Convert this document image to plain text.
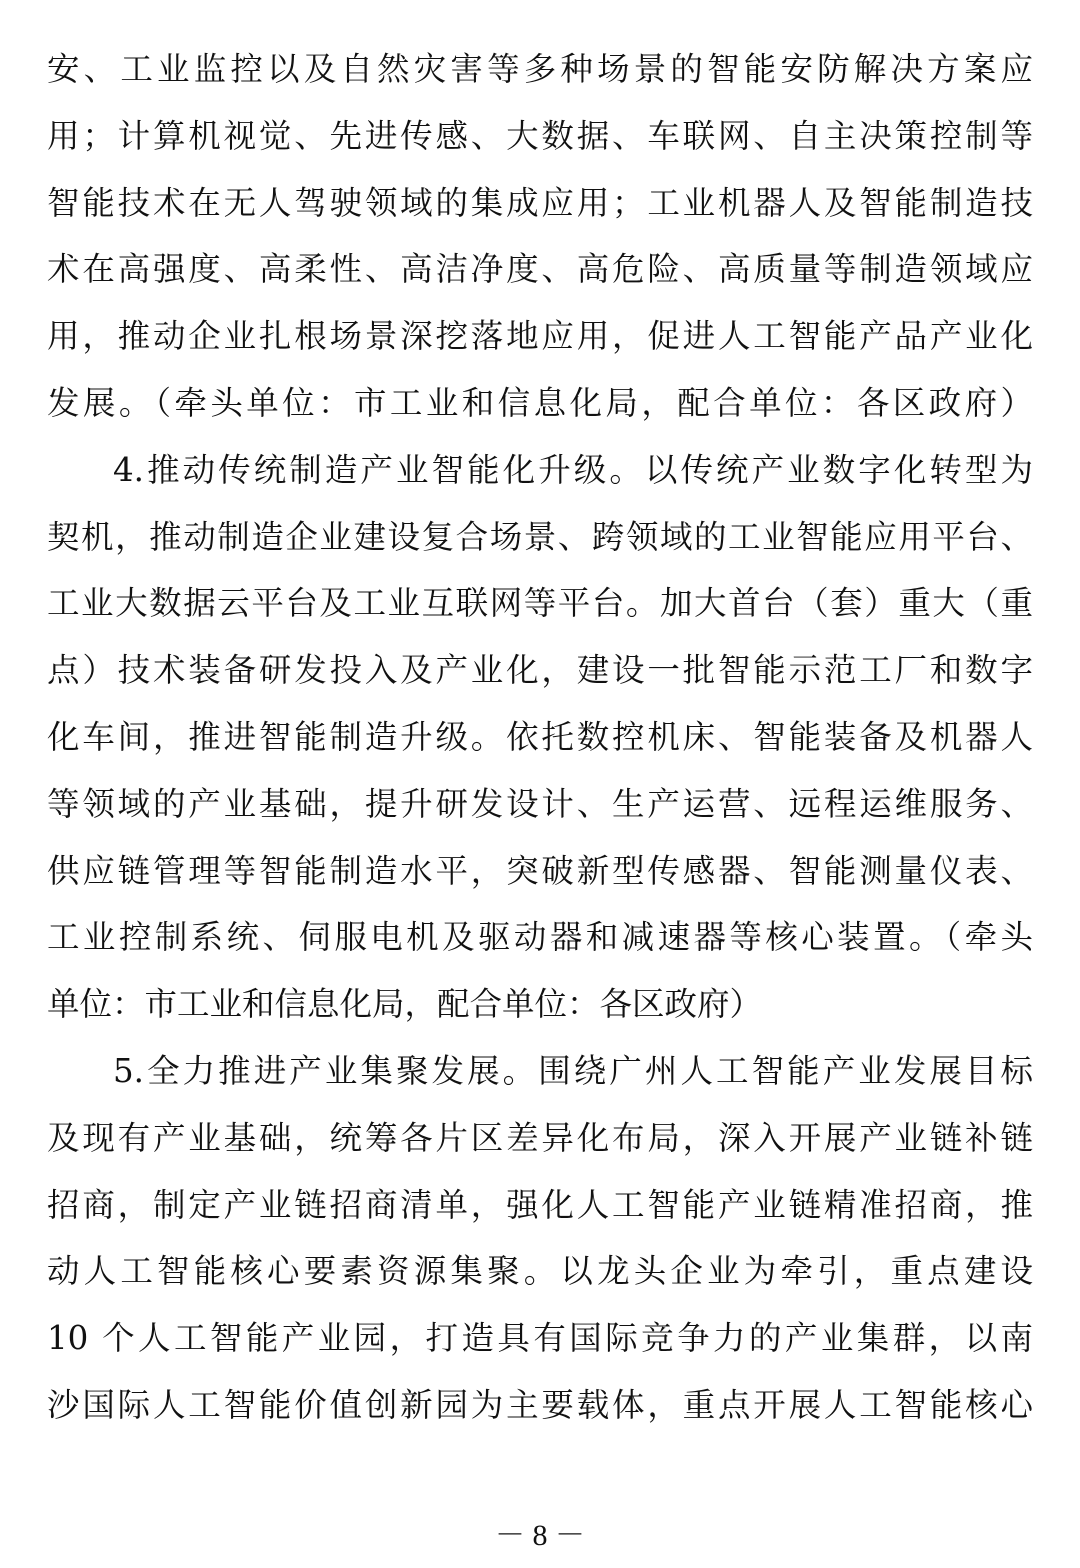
安、工业监控以及自然灾害等多种场景的智能安防解决方案应
用；计算机视觉、先进传感、大数据、车联网、自主决策控制等
智能技术在无人驾驶领域的集成应用；工业机器人及智能制造技
术在高强度、高柔性、高洁净度、高危险、高质量等制造领域应
用，推动企业扎根场景深挖落地应用，促进人工智能产品产业化
发展。（牵头单位：市工业和信息化局，配合单位：各区政府）
4.推动传统制造产业智能化升级。以传统产业数字化转型为
契机，推动制造企业建设复合场景、跨领域的工业智能应用平台、
工业大数据云平台及工业互联网等平台。加大首台（套）重大（重
点）技术装备研发投入及产业化，建设一批智能示范工厂和数字
化车间，推进智能制造升级。依托数控机床、智能装备及机器人
等领域的产业基础，提升研发设计、生产运营、远程运维服务、
供应链管理等智能制造水平，突破新型传感器、智能测量仪表、
工业控制系统、伺服电机及驱动器和减速器等核心装置。（牵头
单位：市工业和信息化局，配合单位：各区政府）
5.全力推进产业集聚发展。围绕广州人工智能产业发展目标
及现有产业基础，统筹各片区差异化布局，深入开展产业链补链
招商，制定产业链招商清单，强化人工智能产业链精准招商，推
动人工智能核心要素资源集聚。以龙头企业为牵引，重点建设
10 个人工智能产业园，打造具有国际竞争力的产业集群，以南
沙国际人工智能价值创新园为主要载体，重点开展人工智能核心
－ 8 －
